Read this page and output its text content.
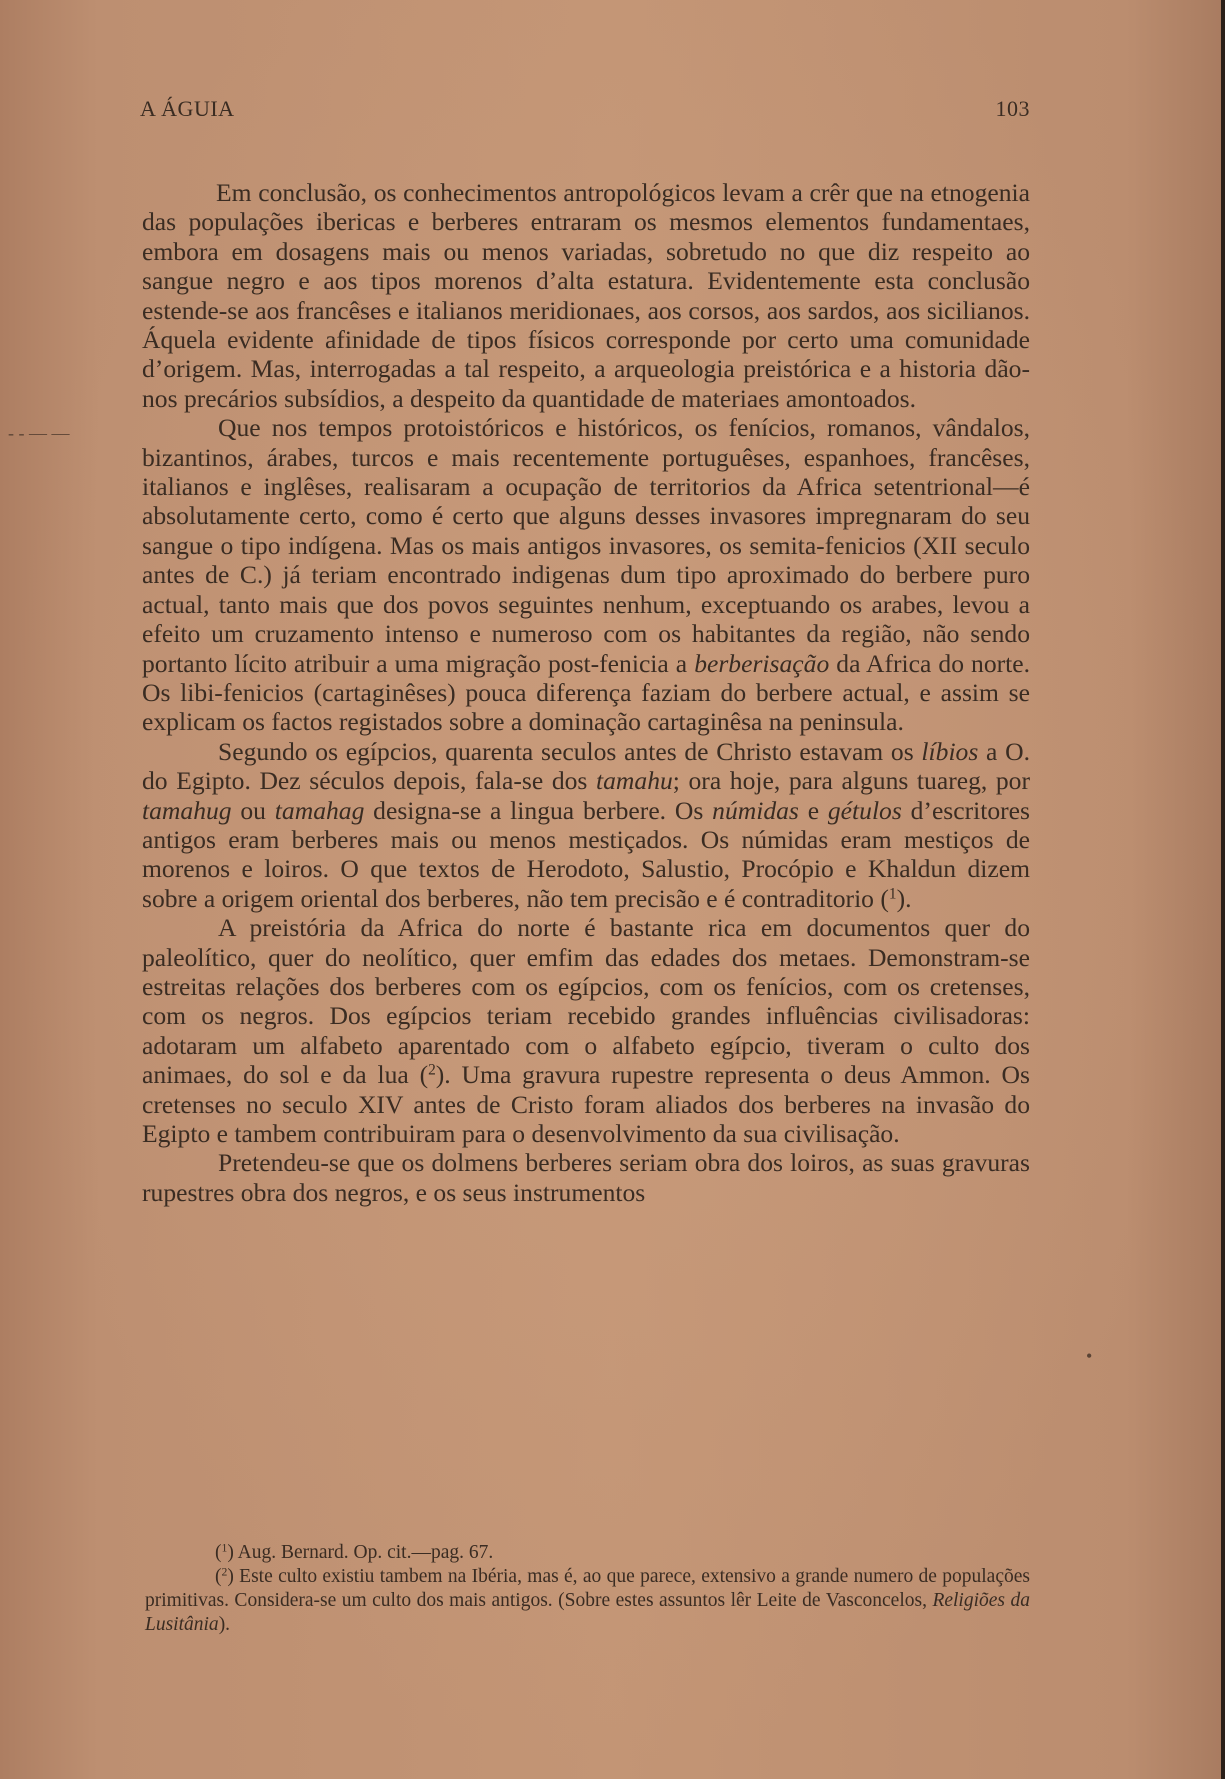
A ÁGUIA	103
- - — —
•

Em conclusão, os conhecimentos antropológicos levam a crêr que na etnogenia das populações ibericas e berberes entraram os mesmos elementos fundamentaes, embora em dosagens mais ou menos variadas, sobretudo no que diz respeito ao sangue negro e aos tipos morenos d’alta estatura. Evidentemente esta conclusão estende-se aos francêses e italianos meridionaes, aos corsos, aos sardos, aos sicilianos. Áquela evidente afinidade de tipos físicos corresponde por certo uma comunidade d’origem. Mas, interrogadas a tal respeito, a arqueologia preistórica e a historia dão-nos precários subsídios, a despeito da quantidade de materiaes amontoados.

Que nos tempos protoistóricos e históricos, os fenícios, romanos, vândalos, bizantinos, árabes, turcos e mais recentemente portuguêses, espanhoes, francêses, italianos e inglêses, realisaram a ocupação de territorios da Africa setentrional—é absolutamente certo, como é certo que alguns desses invasores impregnaram do seu sangue o tipo indígena. Mas os mais antigos invasores, os semita-fenicios (XII seculo antes de C.) já teriam encontrado indigenas dum tipo aproximado do berbere puro actual, tanto mais que dos povos seguintes nenhum, exceptuando os arabes, levou a efeito um cruzamento intenso e numeroso com os habitantes da região, não sendo portanto lícito atribuir a uma migração post-fenicia a berberisação da Africa do norte. Os libi-fenicios (cartaginêses) pouca diferença faziam do berbere actual, e assim se explicam os factos registados sobre a dominação cartaginêsa na peninsula.

Segundo os egípcios, quarenta seculos antes de Christo estavam os líbios a O. do Egipto. Dez séculos depois, fala-se dos tamahu; ora hoje, para alguns tuareg, por tamahug ou tamahag designa-se a lingua berbere. Os númidas e gétulos d’escritores antigos eram berberes mais ou menos mestiçados. Os númidas eram mestiços de morenos e loiros. O que textos de Herodoto, Salustio, Procópio e Khaldun dizem sobre a origem oriental dos berberes, não tem precisão e é contraditorio ($^1$).

A preistória da Africa do norte é bastante rica em documentos quer do paleolítico, quer do neolítico, quer emfim das edades dos metaes. Demonstram-se estreitas relações dos berberes com os egípcios, com os fenícios, com os cretenses, com os negros. Dos egípcios teriam recebido grandes influências civilisadoras: adotaram um alfabeto aparentado com o alfabeto egípcio, tiveram o culto dos animaes, do sol e da lua ($^2$). Uma gravura rupestre representa o deus Ammon. Os cretenses no seculo XIV antes de Cristo foram aliados dos berberes na invasão do Egipto e tambem contribuiram para o desenvolvimento da sua civilisação.

Pretendeu-se que os dolmens berberes seriam obra dos loiros, as suas gravuras rupestres obra dos negros, e os seus instrumentos

($^1$) Aug. Bernard. Op. cit.—pag. 67.

($^2$) Este culto existiu tambem na Ibéria, mas é, ao que parece, extensivo a grande numero de populações primitivas. Considera-se um culto dos mais antigos. (Sobre estes assuntos lêr Leite de Vasconcelos, Religiões da Lusitânia).
